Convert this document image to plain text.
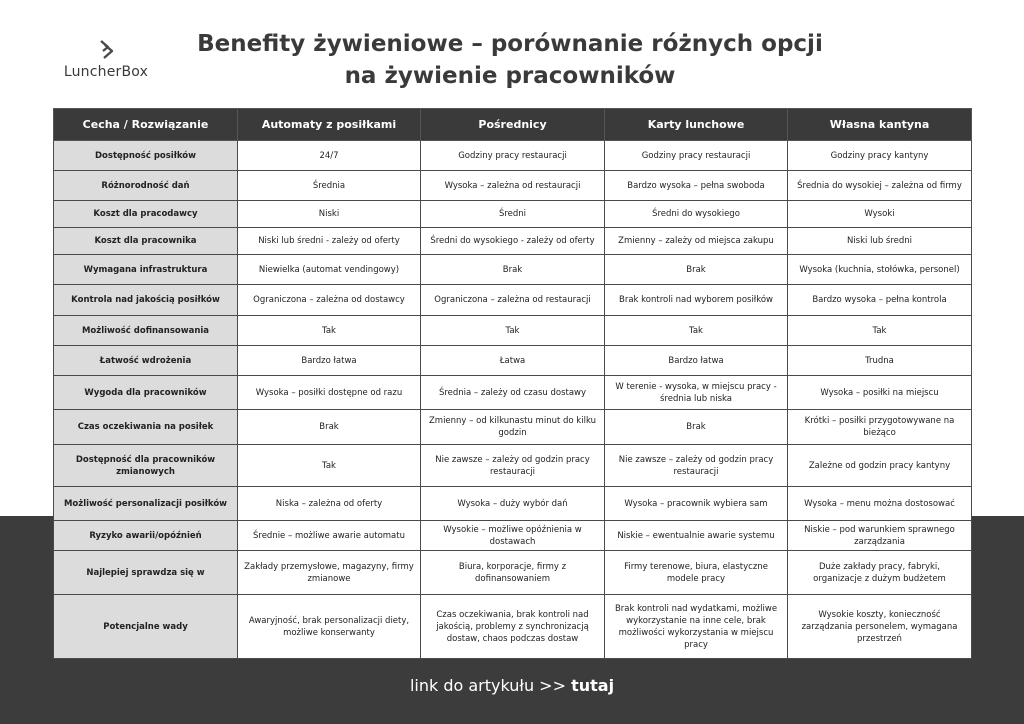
LuncherBox
Benefity żywieniowe – porównanie różnych opcji
na żywienie pracowników
Cecha / Rozwiązanie	Automaty z posiłkami	Pośrednicy	Karty lunchowe	Własna kantyna
Dostępność posiłków	24/7	Godziny pracy restauracji	Godziny pracy restauracji	Godziny pracy kantyny
Różnorodność dań	Średnia	Wysoka – zależna od restauracji	Bardzo wysoka – pełna swoboda	Średnia do wysokiej – zależna od firmy
Koszt dla pracodawcy	Niski	Średni	Średni do wysokiego	Wysoki
Koszt dla pracownika	Niski lub średni - zależy od oferty	Średni do wysokiego - zależy od oferty	Zmienny – zależy od miejsca zakupu	Niski lub średni
Wymagana infrastruktura	Niewielka (automat vendingowy)	Brak	Brak	Wysoka (kuchnia, stołówka, personel)
Kontrola nad jakością posiłków	Ograniczona – zależna od dostawcy	Ograniczona – zależna od restauracji	Brak kontroli nad wyborem posiłków	Bardzo wysoka – pełna kontrola
Możliwość dofinansowania	Tak	Tak	Tak	Tak
Łatwość wdrożenia	Bardzo łatwa	Łatwa	Bardzo łatwa	Trudna
Wygoda dla pracowników	Wysoka – posiłki dostępne od razu	Średnia – zależy od czasu dostawy	W terenie - wysoka, w miejscu pracy - średnia lub niska	Wysoka – posiłki na miejscu
Czas oczekiwania na posiłek	Brak	Zmienny – od kilkunastu minut do kilku godzin	Brak	Krótki – posiłki przygotowywane na bieżąco
Dostępność dla pracowników zmianowych	Tak	Nie zawsze – zależy od godzin pracy restauracji	Nie zawsze – zależy od godzin pracy restauracji	Zależne od godzin pracy kantyny
Możliwość personalizacji posiłków	Niska – zależna od oferty	Wysoka – duży wybór dań	Wysoka – pracownik wybiera sam	Wysoka – menu można dostosować
Ryzyko awarii/opóźnień	Średnie – możliwe awarie automatu	Wysokie – możliwe opóźnienia w dostawach	Niskie – ewentualnie awarie systemu	Niskie – pod warunkiem sprawnego zarządzania
Najlepiej sprawdza się w	Zakłady przemysłowe, magazyny, firmy zmianowe	Biura, korporacje, firmy z dofinansowaniem	Firmy terenowe, biura, elastyczne modele pracy	Duże zakłady pracy, fabryki, organizacje z dużym budżetem
Potencjalne wady	Awaryjność, brak personalizacji diety, możliwe konserwanty	Czas oczekiwania, brak kontroli nad jakością, problemy z synchronizacją dostaw, chaos podczas dostaw	Brak kontroli nad wydatkami, możliwe wykorzystanie na inne cele, brak możliwości wykorzystania w miejscu pracy	Wysokie koszty, konieczność zarządzania personelem, wymagana przestrzeń
link do artykułu >> tutaj
